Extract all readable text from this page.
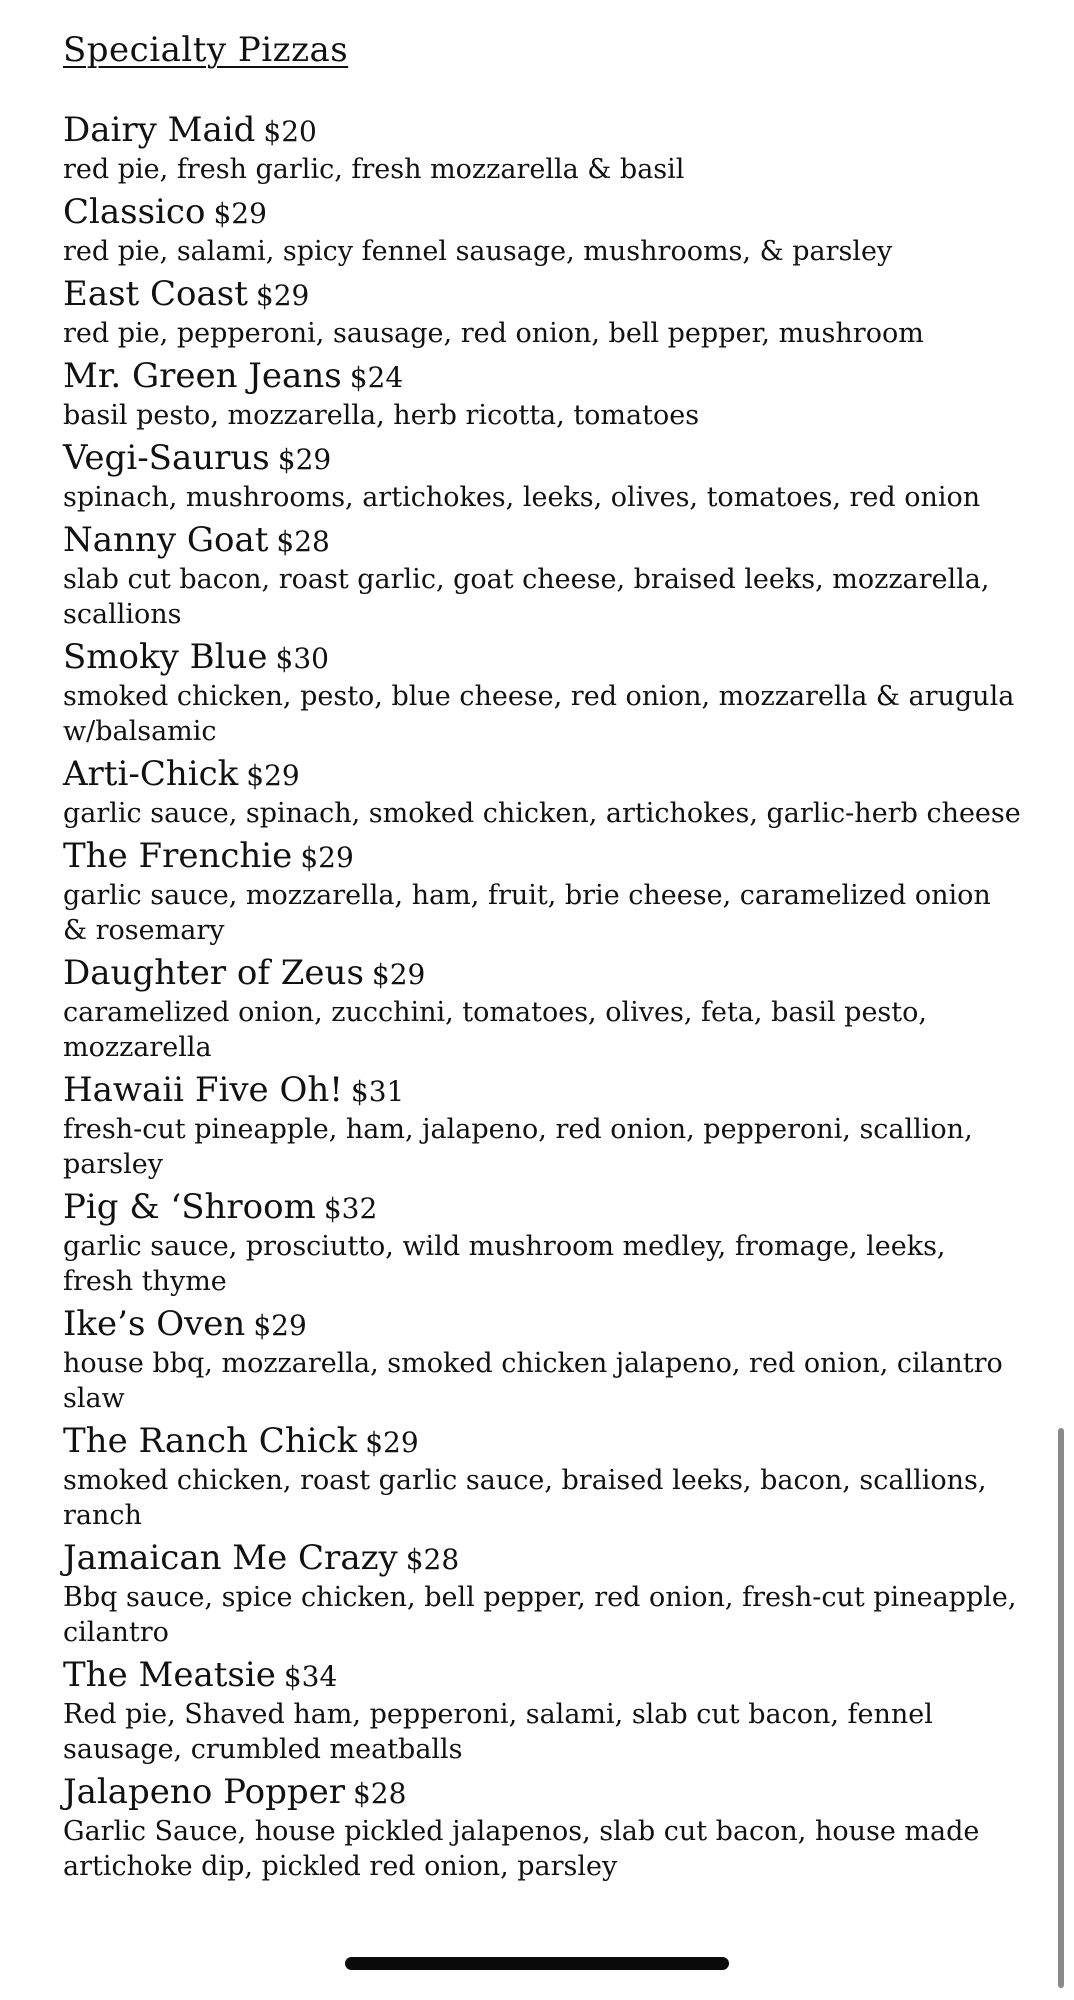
Specialty Pizzas
Dairy Maid $20
red pie, fresh garlic, fresh mozzarella & basil
Classico $29
red pie, salami, spicy fennel sausage, mushrooms, & parsley
East Coast $29
red pie, pepperoni, sausage, red onion, bell pepper, mushroom
Mr. Green Jeans $24
basil pesto, mozzarella, herb ricotta, tomatoes
Vegi-Saurus $29
spinach, mushrooms, artichokes, leeks, olives, tomatoes, red onion
Nanny Goat $28
slab cut bacon, roast garlic, goat cheese, braised leeks, mozzarella, scallions
Smoky Blue $30
smoked chicken, pesto, blue cheese, red onion, mozzarella & arugula w/balsamic
Arti-Chick $29
garlic sauce, spinach, smoked chicken, artichokes, garlic-herb cheese
The Frenchie $29
garlic sauce, mozzarella, ham, fruit, brie cheese, caramelized onion & rosemary
Daughter of Zeus $29
caramelized onion, zucchini, tomatoes, olives, feta, basil pesto, mozzarella
Hawaii Five Oh! $31
fresh-cut pineapple, ham, jalapeno, red onion, pepperoni, scallion, parsley
Pig & ‘Shroom $32
garlic sauce, prosciutto, wild mushroom medley, fromage, leeks, fresh thyme
Ike’s Oven $29
house bbq, mozzarella, smoked chicken jalapeno, red onion, cilantro slaw
The Ranch Chick $29
smoked chicken, roast garlic sauce, braised leeks, bacon, scallions, ranch
Jamaican Me Crazy $28
Bbq sauce, spice chicken, bell pepper, red onion, fresh-cut pineapple, cilantro
The Meatsie $34
Red pie, Shaved ham, pepperoni, salami, slab cut bacon, fennel sausage, crumbled meatballs
Jalapeno Popper $28
Garlic Sauce, house pickled jalapenos, slab cut bacon, house made artichoke dip, pickled red onion, parsley
